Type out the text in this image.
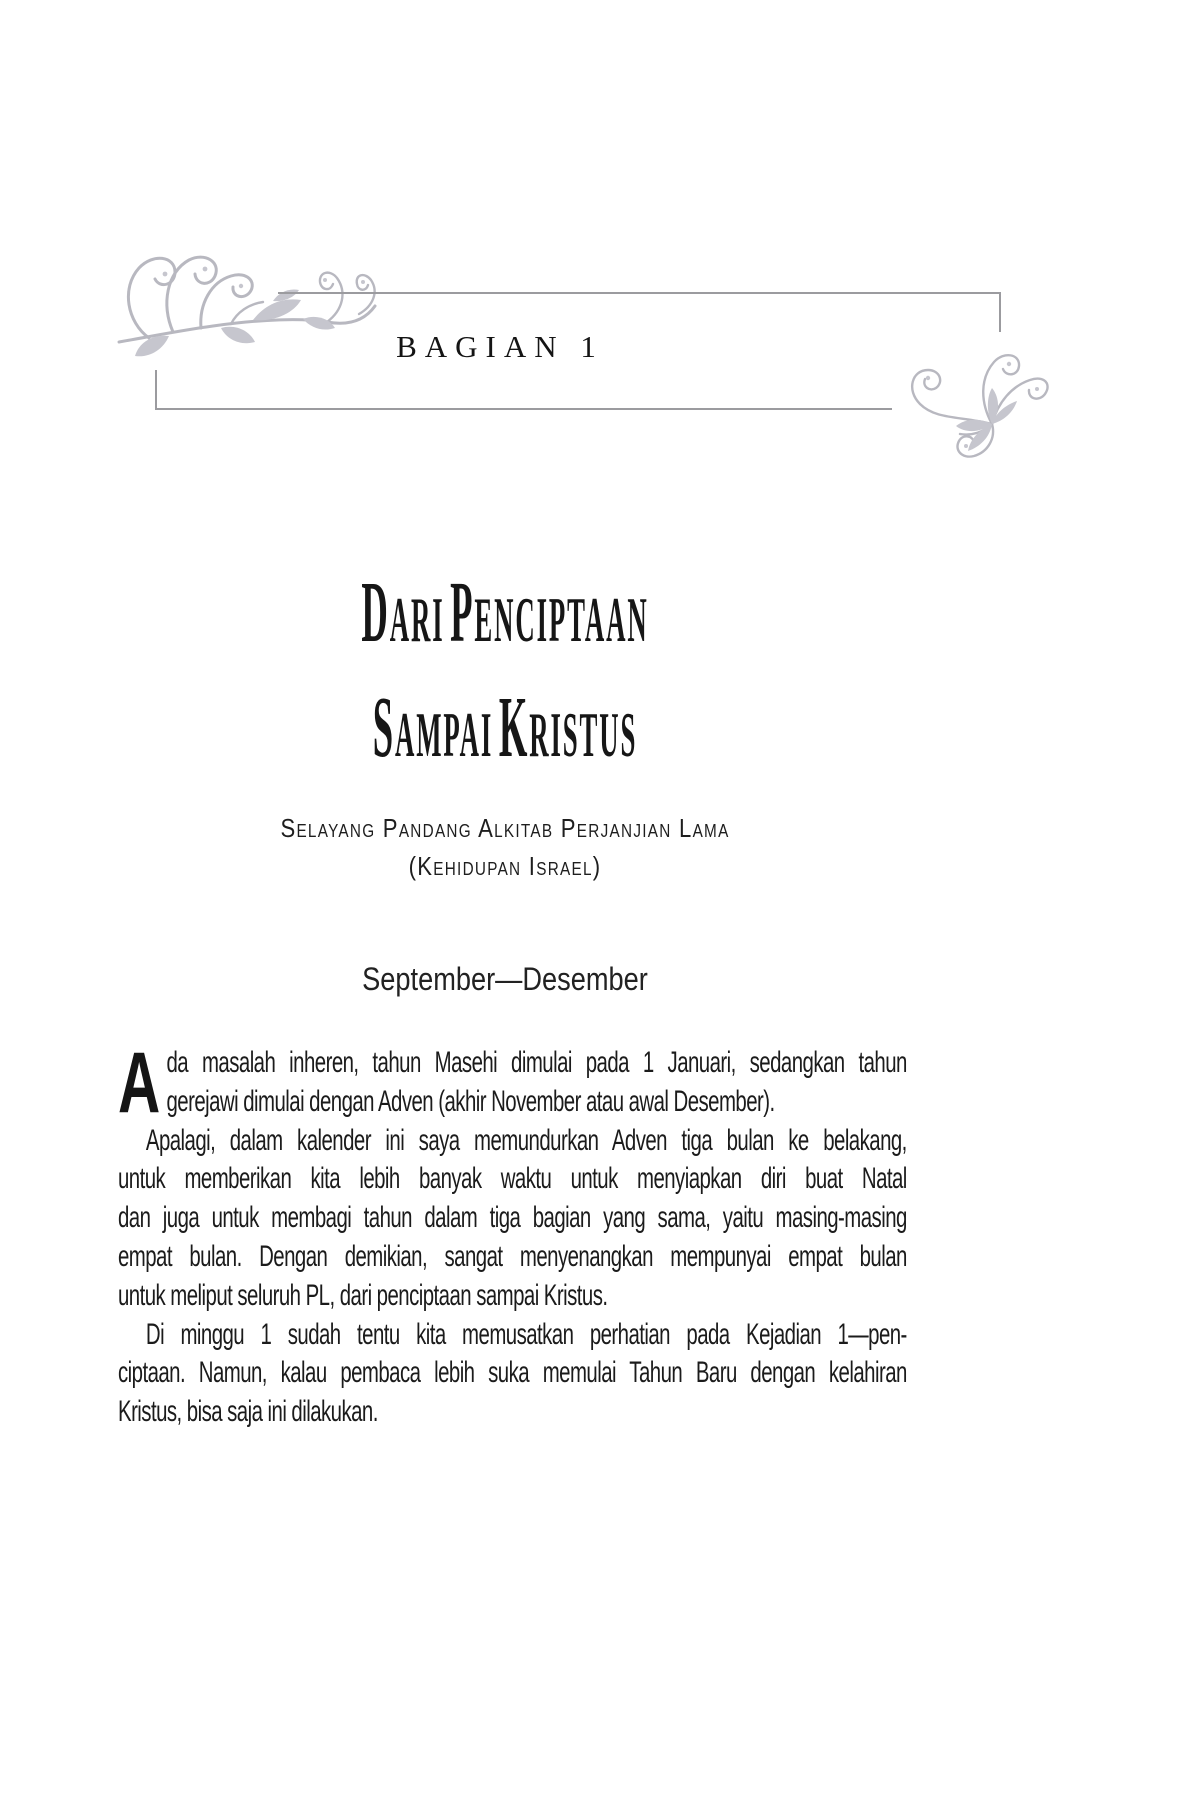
BAGIAN 1
DARI PENCIPTAAN
SAMPAI KRISTUS
Selayang Pandang Alkitab Perjanjian Lama
(Kehidupan Israel)
September—Desember
A da masalah inheren, tahun Masehi dimulai pada 1 Januari, sedangkan tahun
gerejawi dimulai dengan Adven (akhir November atau awal Desember).
Apalagi, dalam kalender ini saya memundurkan Adven tiga bulan ke belakang,
untuk memberikan kita lebih banyak waktu untuk menyiapkan diri buat Natal
dan juga untuk membagi tahun dalam tiga bagian yang sama, yaitu masing-masing
empat bulan. Dengan demikian, sangat menyenangkan mempunyai empat bulan
untuk meliput seluruh PL, dari penciptaan sampai Kristus.
Di minggu 1 sudah tentu kita memusatkan perhatian pada Kejadian 1—pen-
ciptaan. Namun, kalau pembaca lebih suka memulai Tahun Baru dengan kelahiran
Kristus, bisa saja ini dilakukan.
